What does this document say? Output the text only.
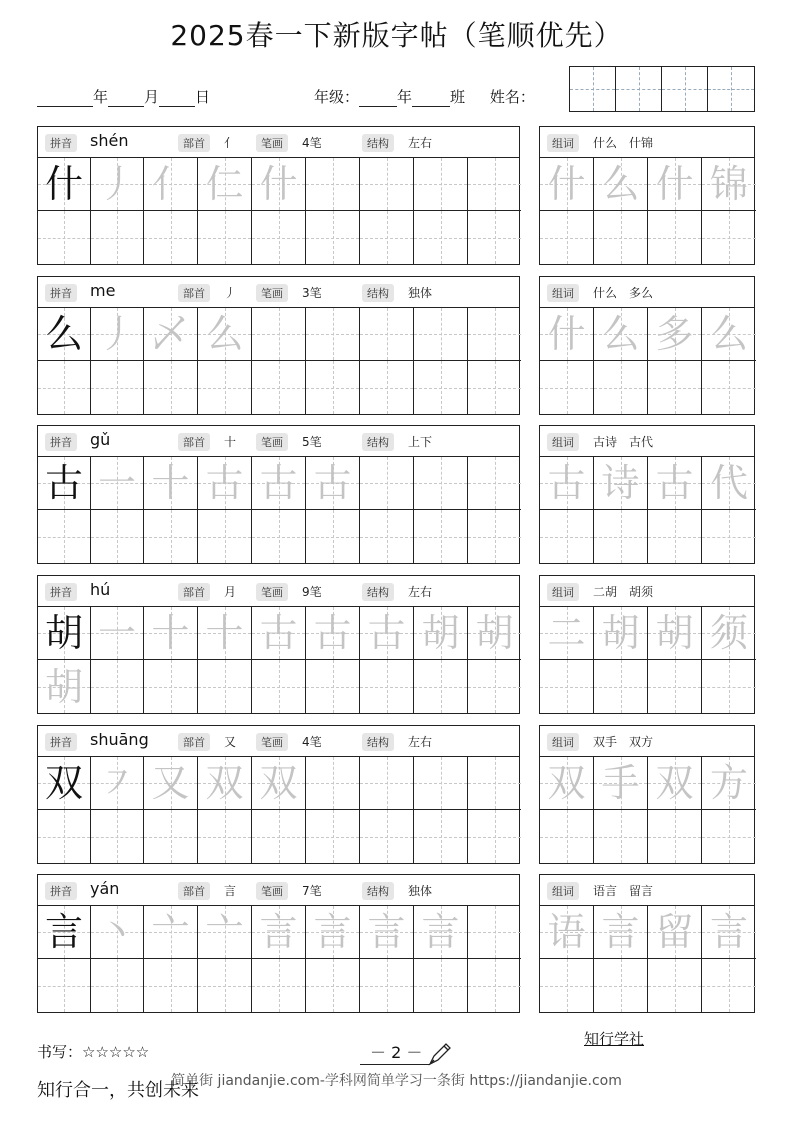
2025春一下新版字帖（笔顺优先）
年 月 日	年级：	年	班 姓名：
拼音	shén	部首	亻	笔画	4笔	结构	左右
什 丿 亻 仁 什
组词	什么　什锦
什 么 什 锦
拼音	me	部首	丿	笔画	3笔	结构	独体
么 丿 乄 么
组词	什么　多么
什 么 多 么
拼音	gǔ	部首	十	笔画	5笔	结构	上下
古 一 十 古 古 古
组词	古诗　古代
古 诗 古 代
拼音	hú	部首	月	笔画	9笔	结构	左右
胡 一 十 十 古 古 古 胡 胡
胡
组词	二胡　胡须
二 胡 胡 须
拼音	shuāng	部首	又	笔画	4笔	结构	左右
双 ㇇ 又 双 双
组词	双手　双方
双 手 双 方
拼音	yán	部首	言	笔画	7笔	结构	独体
言 丶 亠 亠 言 言 言 言
组词	语言　留言
语 言 留 言
书写：☆☆☆☆☆
知行学社
－ 2 －
简单街 jiandanjie.com-学科网简单学习一条街 https://jiandanjie.com
知行合一，共创未来
